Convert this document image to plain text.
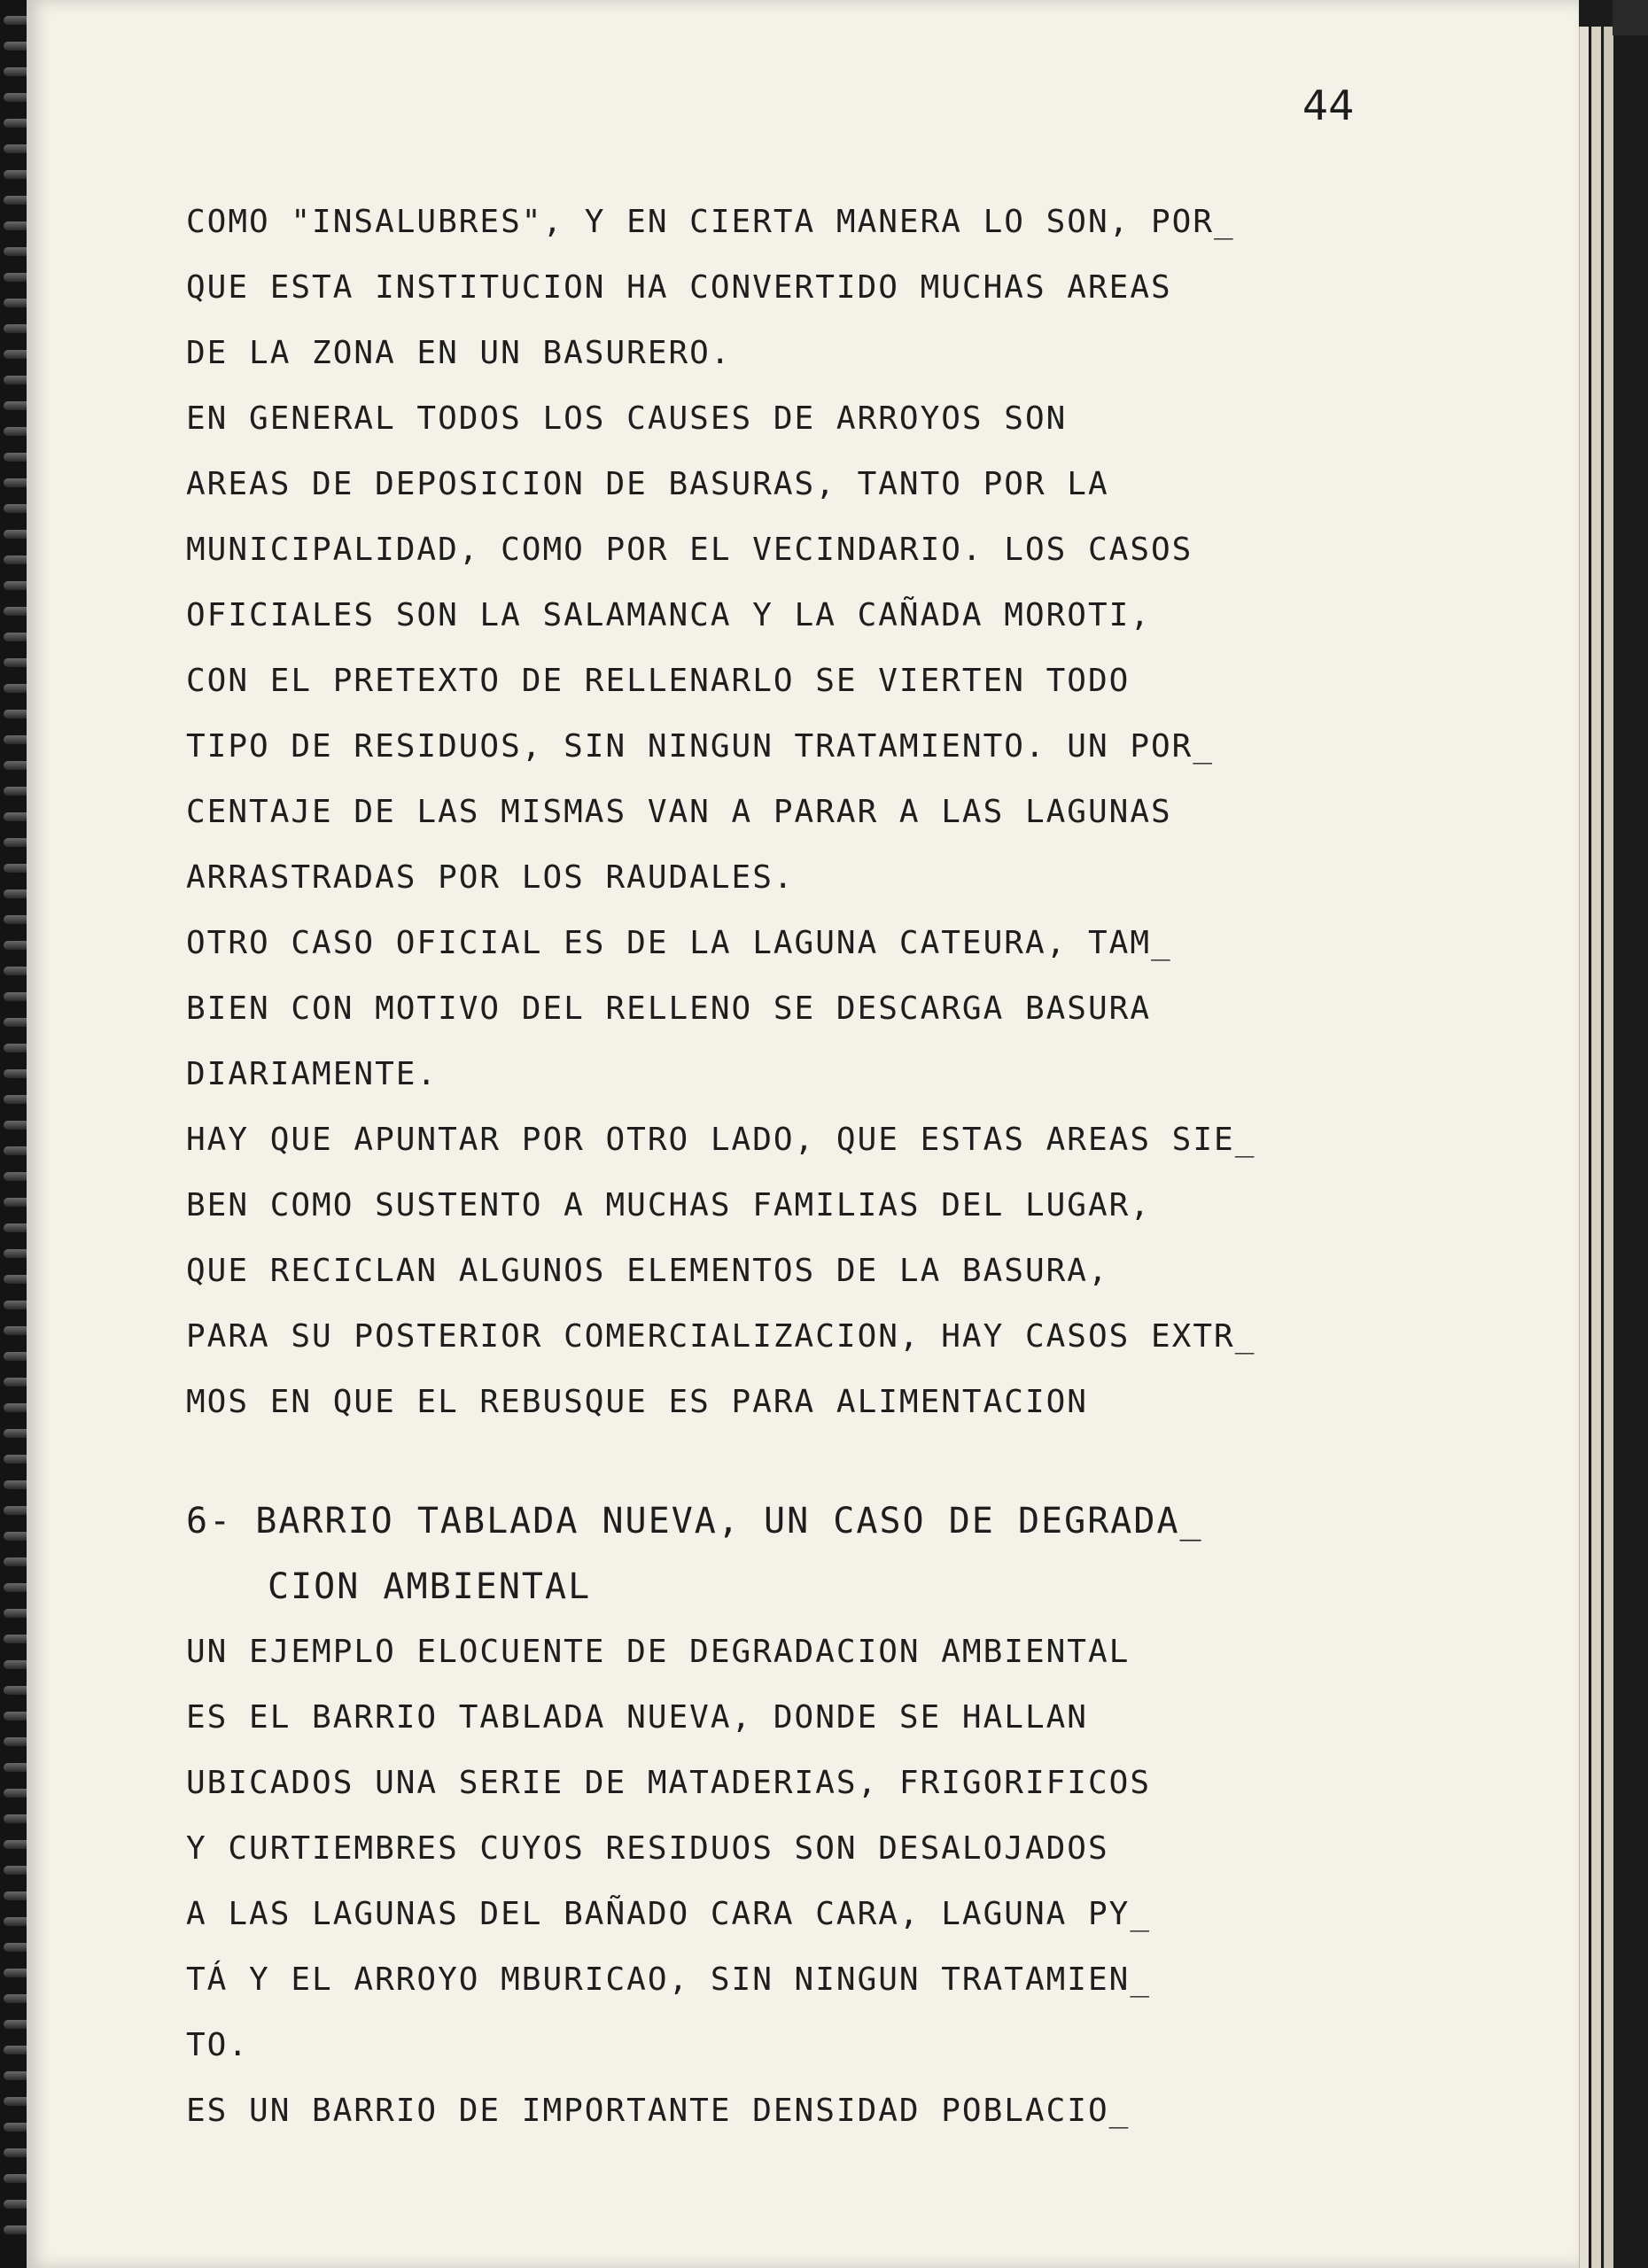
44
COMO "INSALUBRES", Y EN CIERTA MANERA LO SON, POR_
QUE ESTA INSTITUCION HA CONVERTIDO MUCHAS AREAS
DE LA ZONA EN UN BASURERO.
EN GENERAL TODOS LOS CAUSES DE ARROYOS SON
AREAS DE DEPOSICION DE BASURAS, TANTO POR LA
MUNICIPALIDAD, COMO POR EL VECINDARIO. LOS CASOS
OFICIALES SON LA SALAMANCA Y LA CAÑADA MOROTI,
CON EL PRETEXTO DE RELLENARLO SE VIERTEN TODO
TIPO DE RESIDUOS, SIN NINGUN TRATAMIENTO. UN POR_
CENTAJE DE LAS MISMAS VAN A PARAR A LAS LAGUNAS
ARRASTRADAS POR LOS RAUDALES.
OTRO CASO OFICIAL ES DE LA LAGUNA CATEURA, TAM_
BIEN CON MOTIVO DEL RELLENO SE DESCARGA BASURA
DIARIAMENTE.
HAY QUE APUNTAR POR OTRO LADO, QUE ESTAS AREAS SIE_
BEN COMO SUSTENTO A MUCHAS FAMILIAS DEL LUGAR,
QUE RECICLAN ALGUNOS ELEMENTOS DE LA BASURA,
PARA SU POSTERIOR COMERCIALIZACION, HAY CASOS EXTR_
MOS EN QUE EL REBUSQUE ES PARA ALIMENTACION
6- BARRIO TABLADA NUEVA, UN CASO DE DEGRADA_
CION AMBIENTAL
UN EJEMPLO ELOCUENTE DE DEGRADACION AMBIENTAL
ES EL BARRIO TABLADA NUEVA, DONDE SE HALLAN
UBICADOS UNA SERIE DE MATADERIAS, FRIGORIFICOS
Y CURTIEMBRES CUYOS RESIDUOS SON DESALOJADOS
A LAS LAGUNAS DEL BAÑADO CARA CARA, LAGUNA PY_
TÁ Y EL ARROYO MBURICAO, SIN NINGUN TRATAMIEN_
TO.
ES UN BARRIO DE IMPORTANTE DENSIDAD POBLACIO_
